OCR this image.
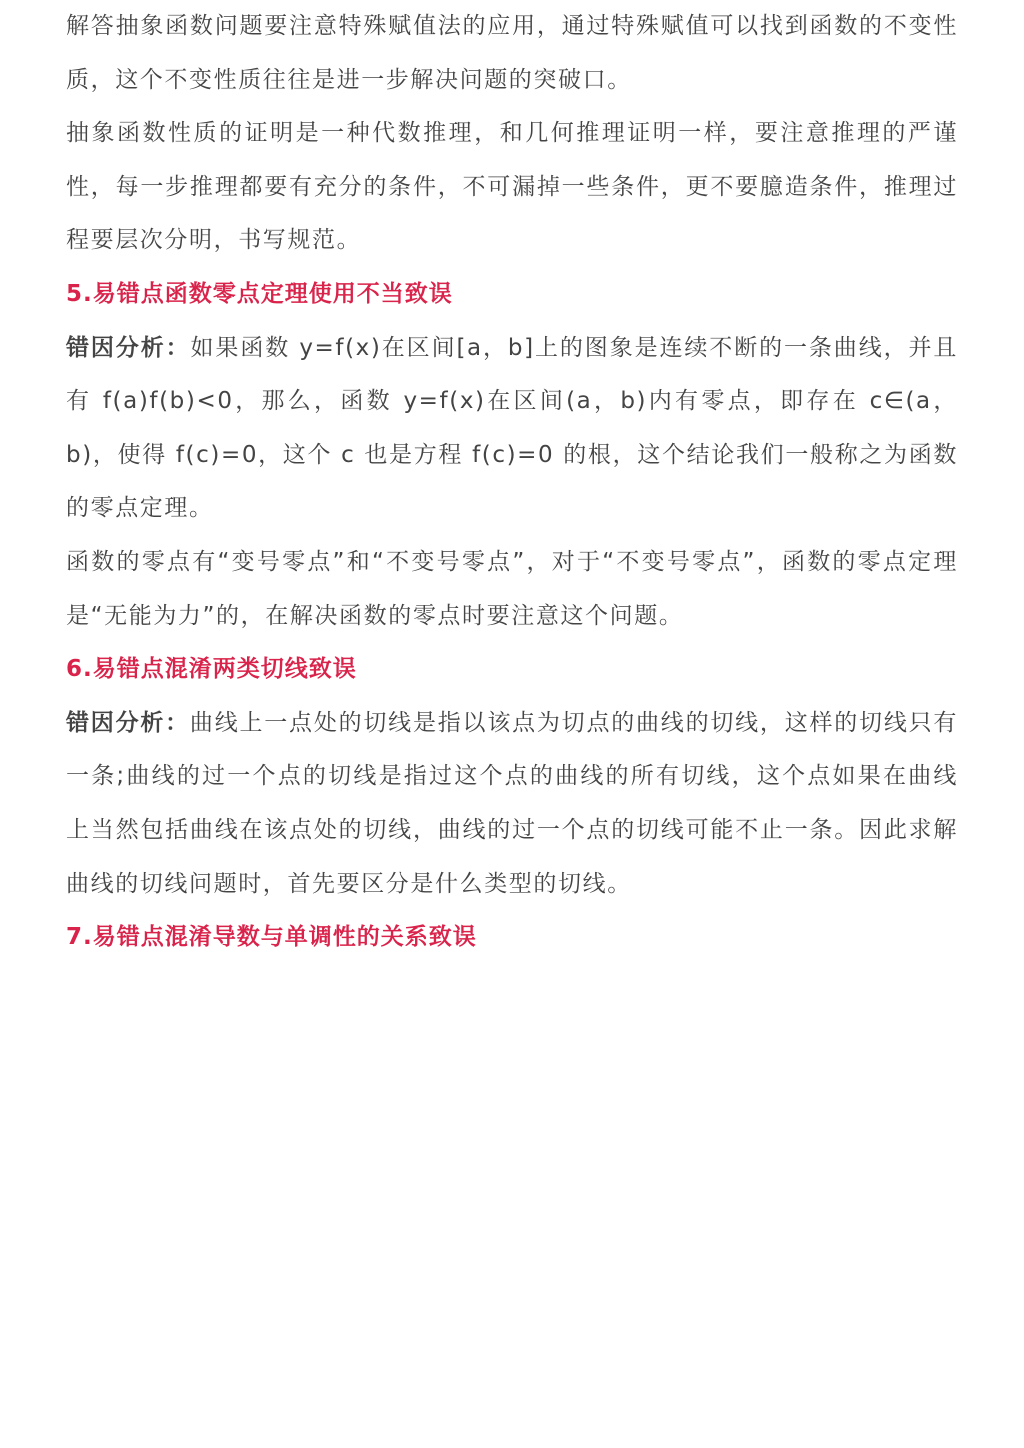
解答抽象函数问题要注意特殊赋值法的应用，通过特殊赋值可以找到函数的不变性质，这个不变性质往往是进一步解决问题的突破口。

抽象函数性质的证明是一种代数推理，和几何推理证明一样，要注意推理的严谨性，每一步推理都要有充分的条件，不可漏掉一些条件，更不要臆造条件，推理过程要层次分明，书写规范。

5.易错点函数零点定理使用不当致误

错因分析：如果函数 y=f(x)在区间[a，b]上的图象是连续不断的一条曲线，并且有 f(a)f(b)<0，那么，函数 y=f(x)在区间(a，b)内有零点，即存在 c∈(a，b)，使得 f(c)=0，这个 c 也是方程 f(c)=0 的根，这个结论我们一般称之为函数的零点定理。

函数的零点有“变号零点”和“不变号零点”，对于“不变号零点”，函数的零点定理是“无能为力”的，在解决函数的零点时要注意这个问题。

6.易错点混淆两类切线致误

错因分析：曲线上一点处的切线是指以该点为切点的曲线的切线，这样的切线只有一条;曲线的过一个点的切线是指过这个点的曲线的所有切线，这个点如果在曲线上当然包括曲线在该点处的切线，曲线的过一个点的切线可能不止一条。因此求解曲线的切线问题时，首先要区分是什么类型的切线。

7.易错点混淆导数与单调性的关系致误
